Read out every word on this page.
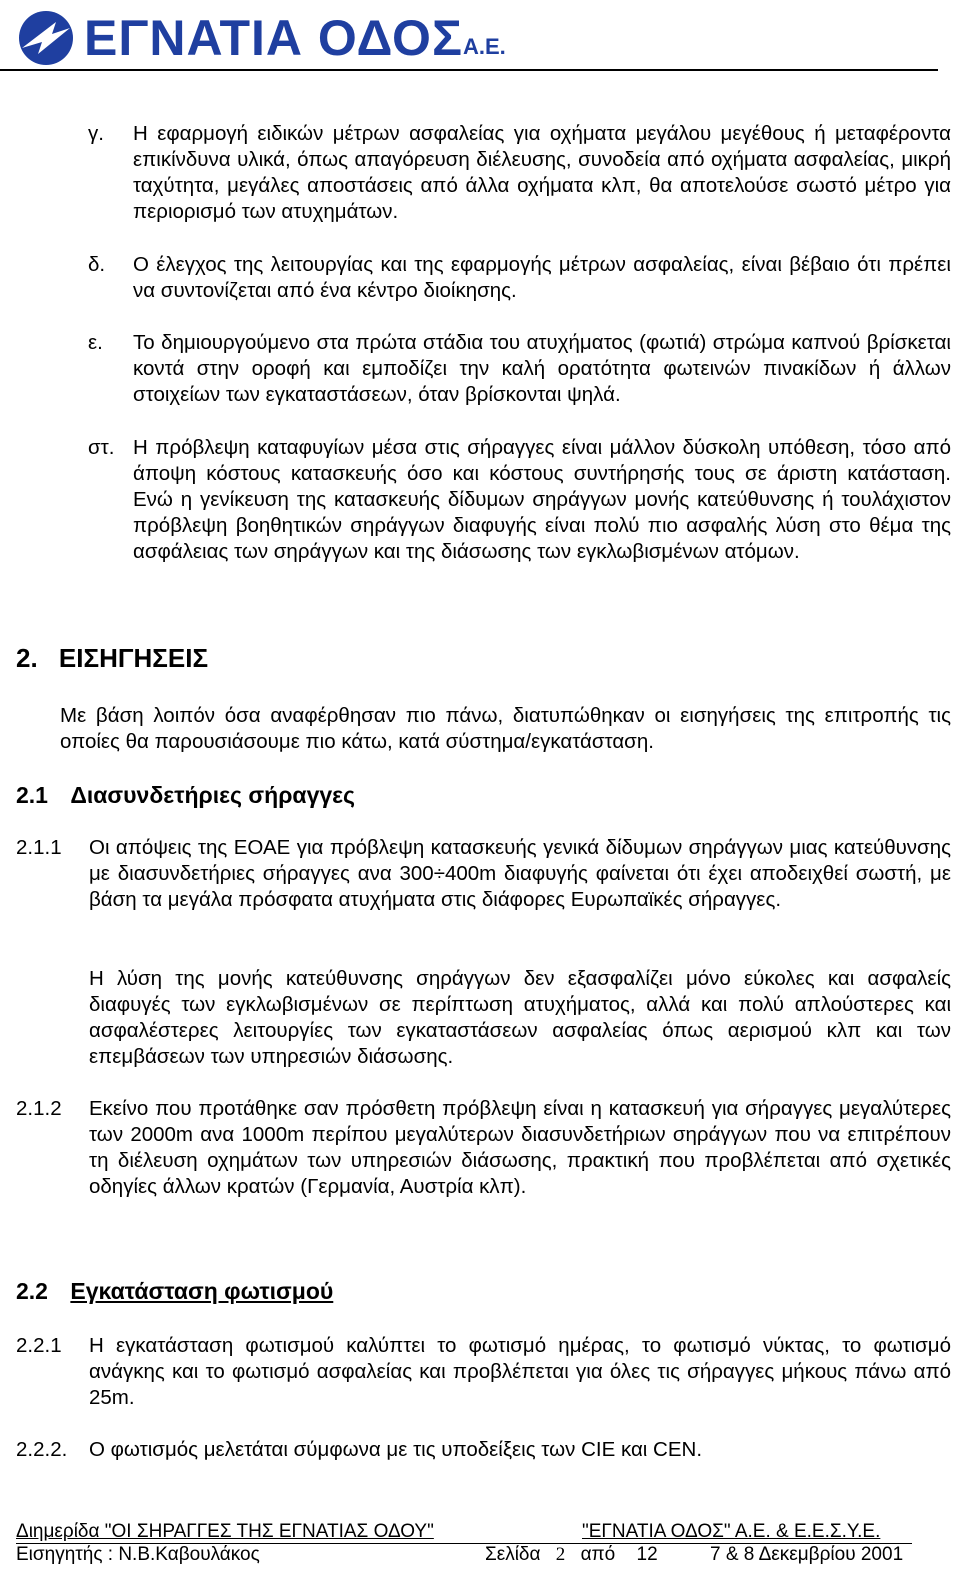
ΕΓΝΑΤΙΑ ΟΔΟΣ Α.Ε.
γ. Η εφαρμογή ειδικών μέτρων ασφαλείας για οχήματα μεγάλου μεγέθους ή μεταφέροντα επικίνδυνα υλικά, όπως απαγόρευση διέλευσης, συνοδεία από οχήματα ασφαλείας, μικρή ταχύτητα, μεγάλες αποστάσεις από άλλα οχήματα κλπ, θα αποτελούσε σωστό μέτρο για περιορισμό των ατυχημάτων.
δ. Ο έλεγχος της λειτουργίας και της εφαρμογής μέτρων ασφαλείας, είναι βέβαιο ότι πρέπει να συντονίζεται από ένα κέντρο διοίκησης.
ε. Το δημιουργούμενο στα πρώτα στάδια του ατυχήματος (φωτιά) στρώμα καπνού βρίσκεται κοντά στην οροφή και εμποδίζει την καλή ορατότητα φωτεινών πινακίδων ή άλλων στοιχείων των εγκαταστάσεων, όταν βρίσκονται ψηλά.
στ. Η πρόβλεψη καταφυγίων μέσα στις σήραγγες είναι μάλλον δύσκολη υπόθεση, τόσο από άποψη κόστους κατασκευής όσο και κόστους συντήρησής τους σε άριστη κατάσταση. Ενώ η γενίκευση της κατασκευής δίδυμων σηράγγων μονής κατεύθυνσης ή τουλάχιστον πρόβλεψη βοηθητικών σηράγγων διαφυγής είναι πολύ πιο ασφαλής λύση στο θέμα της ασφάλειας των σηράγγων και της διάσωσης των εγκλωβισμένων ατόμων.
2. ΕΙΣΗΓΗΣΕΙΣ
Με βάση λοιπόν όσα αναφέρθησαν πιο πάνω, διατυπώθηκαν οι εισηγήσεις της επιτροπής τις οποίες θα παρουσιάσουμε πιο κάτω, κατά σύστημα/εγκατάσταση.
2.1 Διασυνδετήριες σήραγγες
2.1.1 Οι απόψεις της ΕΟΑΕ για πρόβλεψη κατασκευής γενικά δίδυμων σηράγγων μιας κατεύθυνσης με διασυνδετήριες σήραγγες ανα 300÷400m διαφυγής φαίνεται ότι έχει αποδειχθεί σωστή, με βάση τα μεγάλα πρόσφατα ατυχήματα στις διάφορες Ευρωπαϊκές σήραγγες.
Η λύση της μονής κατεύθυνσης σηράγγων δεν εξασφαλίζει μόνο εύκολες και ασφαλείς διαφυγές των εγκλωβισμένων σε περίπτωση ατυχήματος, αλλά και πολύ απλούστερες και ασφαλέστερες λειτουργίες των εγκαταστάσεων ασφαλείας όπως αερισμού κλπ και των επεμβάσεων των υπηρεσιών διάσωσης.
2.1.2 Εκείνο που προτάθηκε σαν πρόσθετη πρόβλεψη είναι η κατασκευή για σήραγγες μεγαλύτερες των 2000m ανα 1000m περίπου μεγαλύτερων διασυνδετήριων σηράγγων που να επιτρέπουν τη διέλευση οχημάτων των υπηρεσιών διάσωσης, πρακτική που προβλέπεται από σχετικές οδηγίες άλλων κρατών (Γερμανία, Αυστρία κλπ).
2.2 Εγκατάσταση φωτισμού
2.2.1 Η εγκατάσταση φωτισμού καλύπτει το φωτισμό ημέρας, το φωτισμό νύκτας, το φωτισμό ανάγκης και το φωτισμό ασφαλείας και προβλέπεται για όλες τις σήραγγες μήκους πάνω από 25m.
2.2.2. Ο φωτισμός μελετάται σύμφωνα με τις υποδείξεις των CIE και CEN.
Διημερίδα "ΟΙ ΣΗΡΑΓΓΕΣ ΤΗΣ ΕΓΝΑΤΙΑΣ ΟΔΟΥ"	"ΕΓΝΑΤΙΑ ΟΔΟΣ" Α.Ε. & Ε.Ε.Σ.Υ.Ε.
Εισηγητής : Ν.Β.Καβουλάκος	Σελίδα 2 από 12	7 & 8 Δεκεμβρίου 2001
